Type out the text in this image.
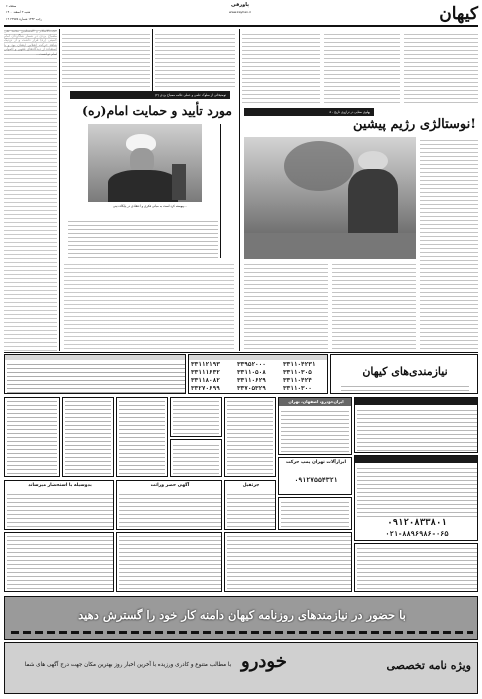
کیهان
صفحه ۶
شنبه ۳ اسفند ۱۴۰۰
۱۹ رجب ۱۴۴۳ شماره ۲۲۷۷۵
پاورقی
www.kayhan.ir
حجت‌الاسلام و المسلمین محمد تقی مصباح یزدی در شمار شاگردان امام خمینی (ره) قرار داشت و از نزدیک شاهد حرکت انقلابی ایشان بود و با استفاده از دیدگاه‌های فقهی و اصولی امام توانست...
توضیحاتی از سلوک علمی و عملی علامه مصباح یزدی (۲)
مورد تأیید و حمایت امام(ره)
پیوسته کرد است به مبانی فکری و اعتقادی در پایگاه دینی...
پهلوی ستایی در ترازوی تاریخ - ۵
نوستالژی رژیم پیشین!
۳۳۱۱۲۱۹۳
۳۳۱۱۱۶۳۲
۳۳۱۱۸۰۸۲
۳۳۲۷۰۶۹۹
۳۳۹۵۲۰۰۰
۳۳۱۱۰۵۰۸
۳۳۱۱۰۶۲۹
۳۳۷۰۵۳۲۹
۳۳۱۱۰۴۲۳۱
۳۳۱۱۰۳۰۵
۳۳۱۱۰۴۲۴
۳۳۱۱۰۳۰۰
نیازمندی‌های کیهان
ایران‌خودرو، اصفهان، تهران
ابزارآلات تهران پمپ حرکت
۰۹۱۲۷۵۵۴۳۲۱
۰۹۱۲۰۸۳۳۸۰۱
۰۲۱-۸۸۹۶۹۸۶-۰۶۵
بدوسیله با استحضار میرساند	آگهی حصر وراثت	جرثقیل
با حضور در نیازمندهای روزنامه کیهان دامنه کار خود را گسترش دهید
ویژه نامه تخصصی
خودرو
با مطالب متنوع و کادری ورزیده با آخرین اخبار روز بهترین مکان جهت درج آگهی های شما
